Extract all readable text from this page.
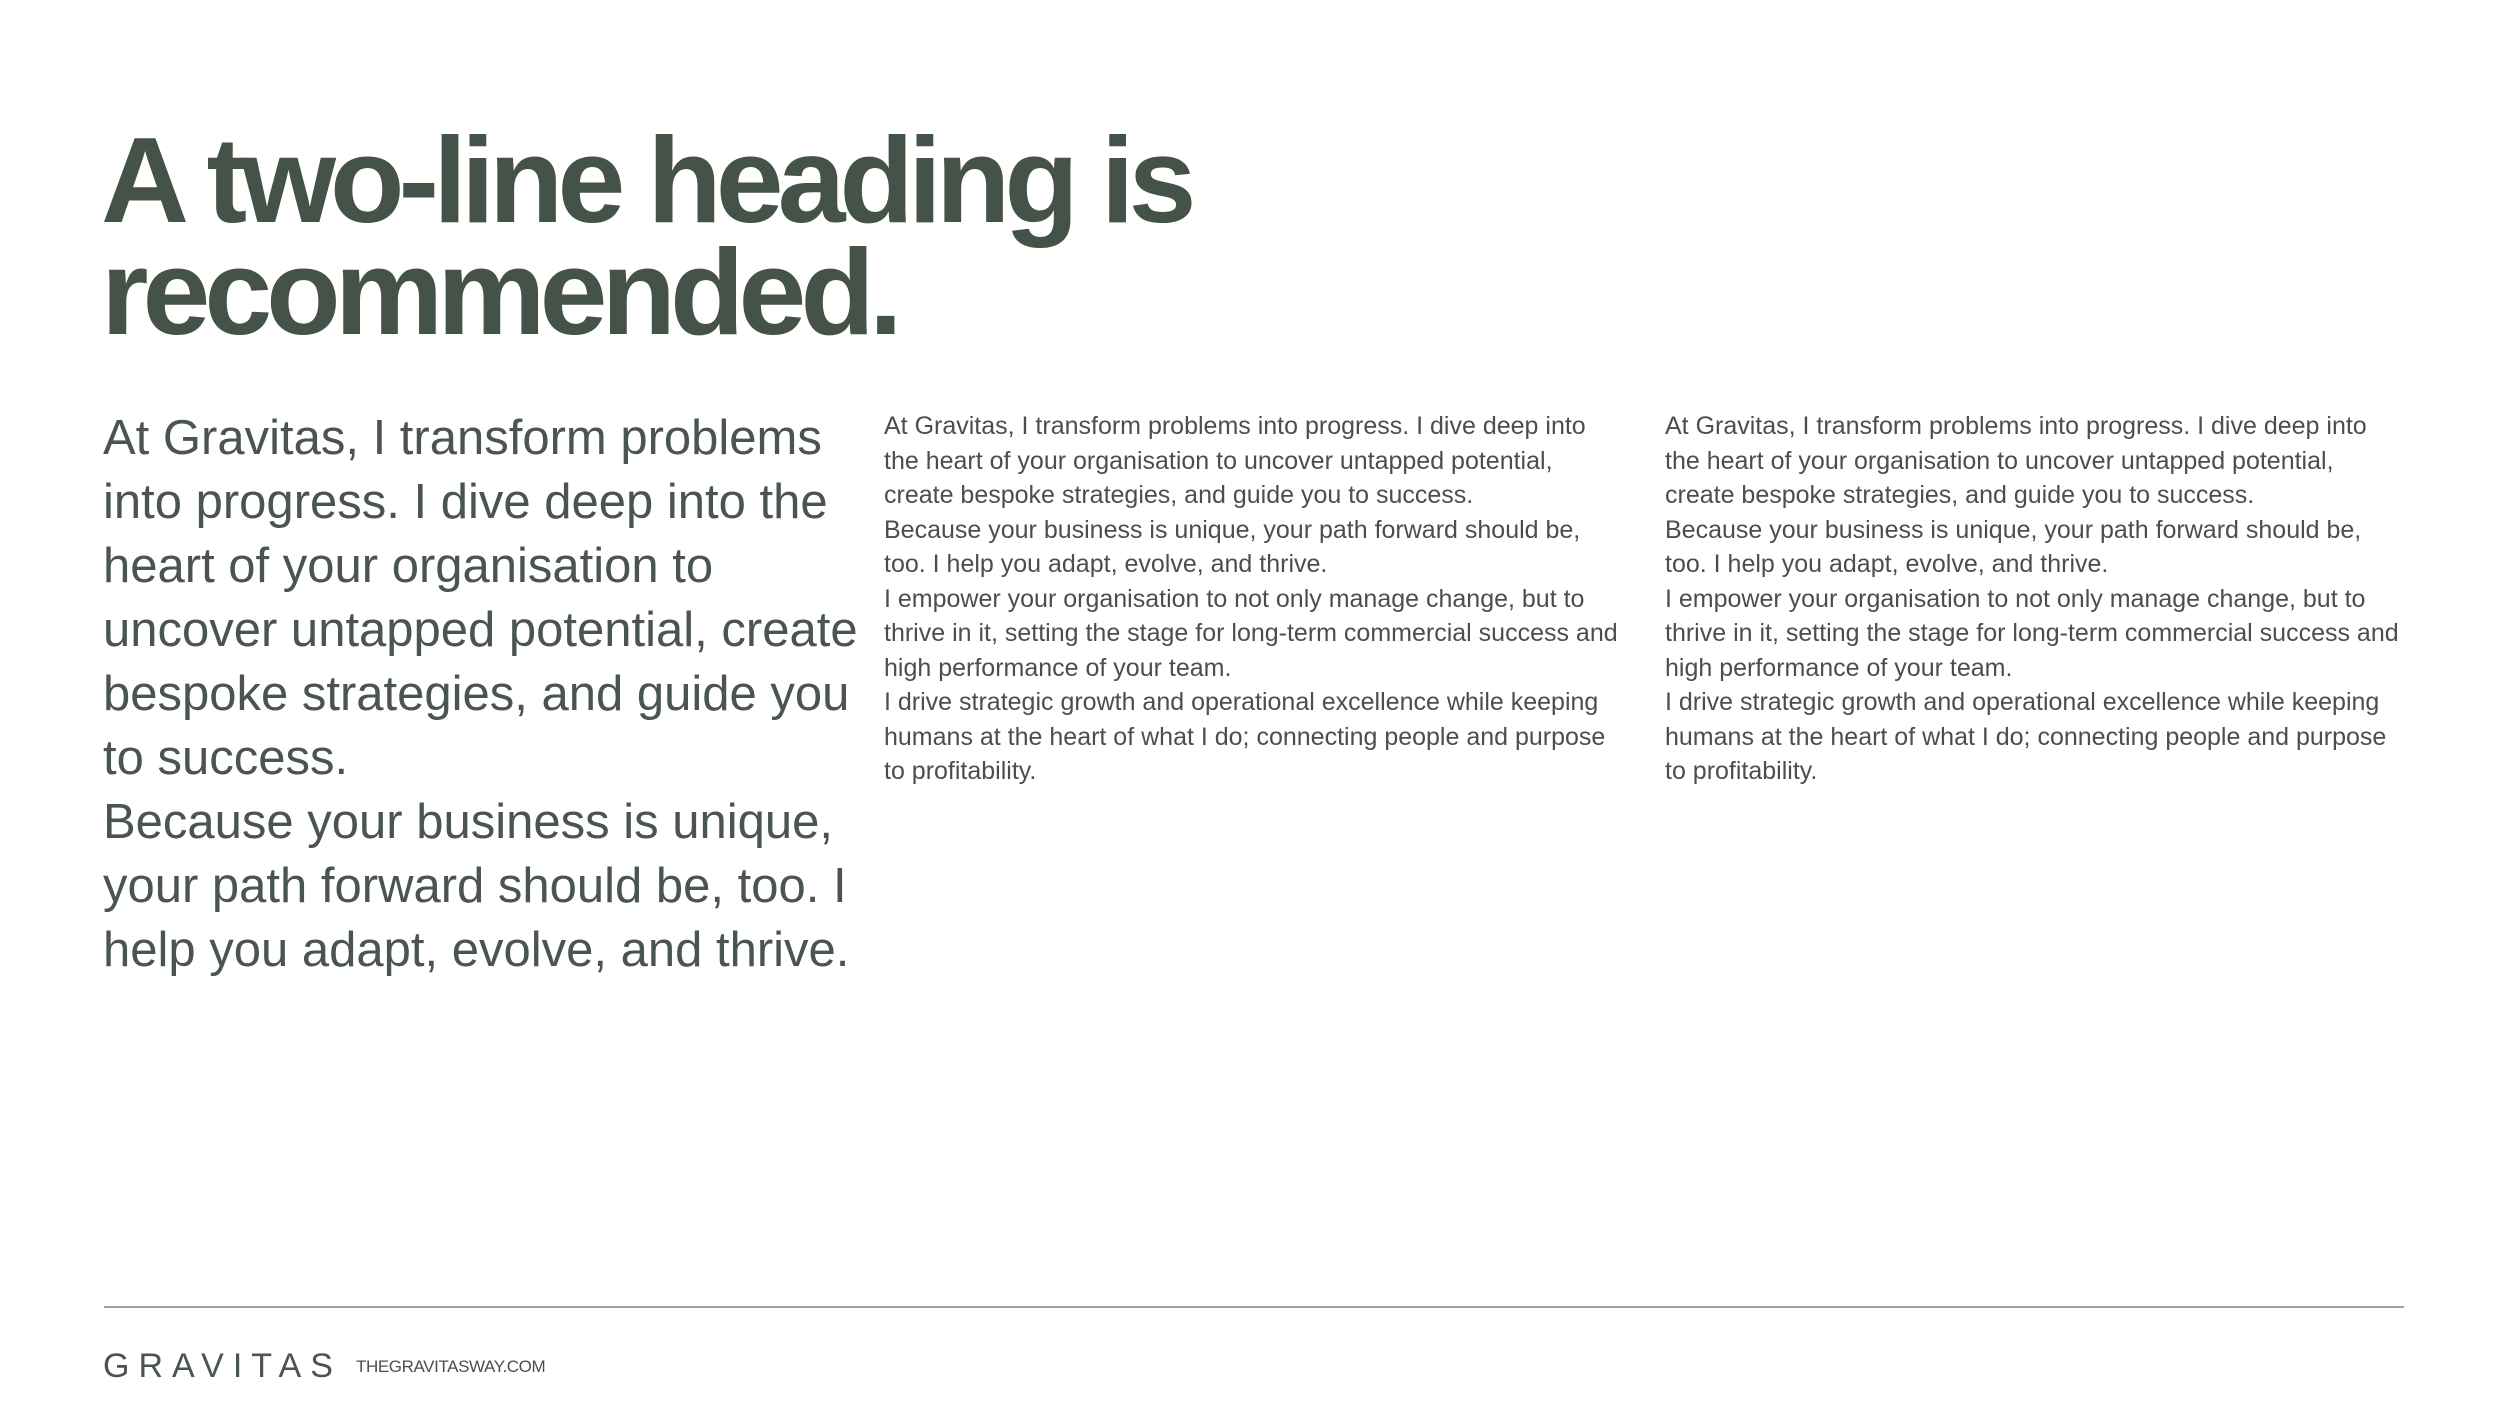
A two-line heading is
recommended.

At Gravitas, I transform problems into progress. I dive deep into the heart of your organisation to uncover untapped potential, create bespoke strategies, and guide you to success.

Because your business is unique, your path forward should be, too. I help you adapt, evolve, and thrive.

At Gravitas, I transform problems into progress. I dive deep into the heart of your organisation to uncover untapped potential, create bespoke strategies, and guide you to success.

Because your business is unique, your path forward should be, too. I help you adapt, evolve, and thrive.

I empower your organisation to not only manage change, but to thrive in it, setting the stage for long-term commercial success and high performance of your team.

I drive strategic growth and operational excellence while keeping humans at the heart of what I do; connecting people and purpose to profitability.

At Gravitas, I transform problems into progress. I dive deep into the heart of your organisation to uncover untapped potential, create bespoke strategies, and guide you to success.

Because your business is unique, your path forward should be, too. I help you adapt, evolve, and thrive.

I empower your organisation to not only manage change, but to thrive in it, setting the stage for long-term commercial success and high performance of your team.

I drive strategic growth and operational excellence while keeping humans at the heart of what I do; connecting people and purpose to profitability.

GRAVITAS THEGRAVITASWAY.COM
